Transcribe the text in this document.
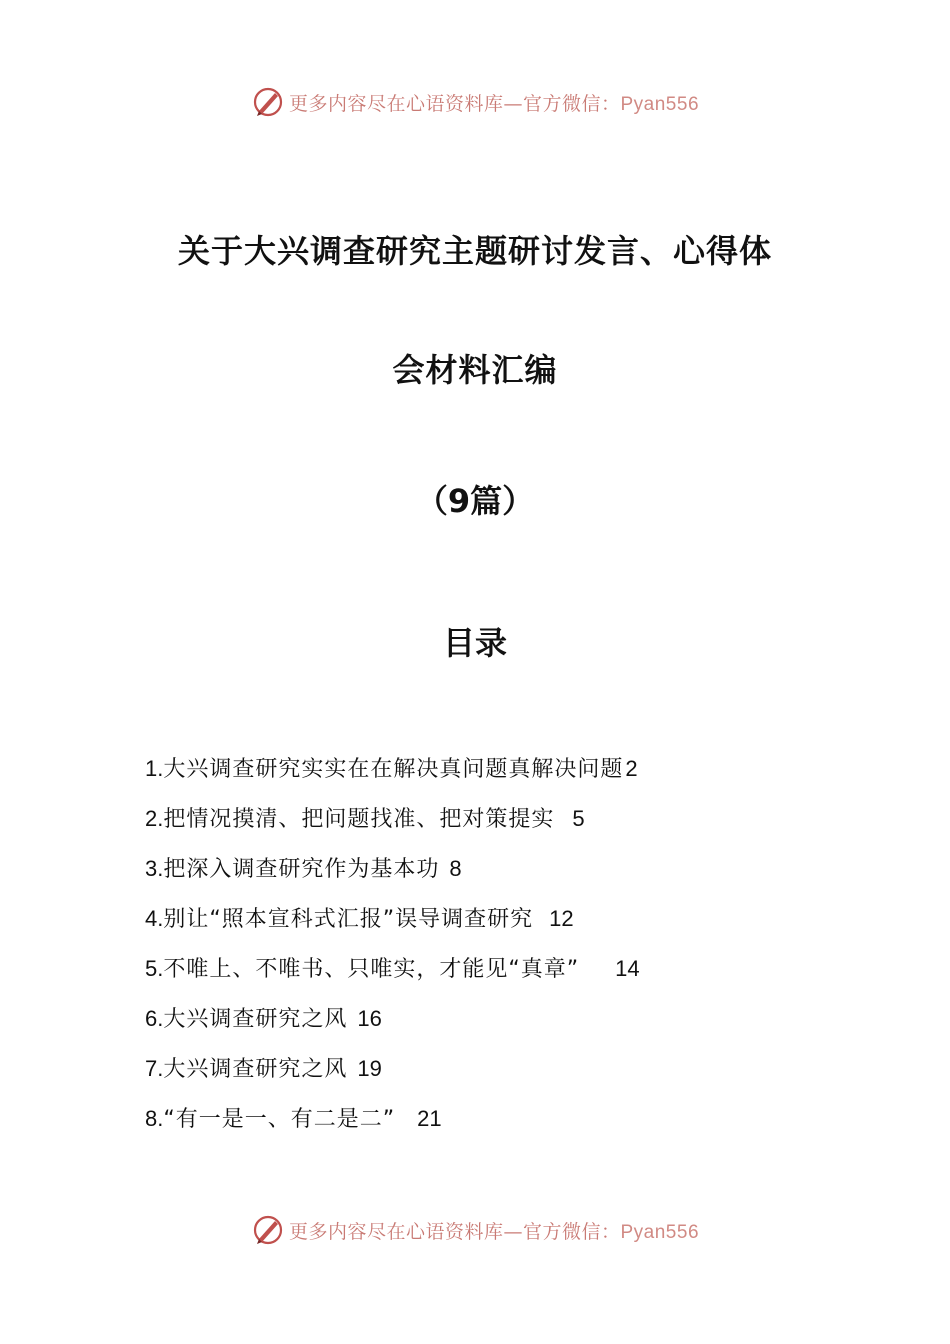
更多内容尽在心语资料库—官方微信：Pyan556
关于大兴调查研究主题研讨发言、心得体
会材料汇编
（9篇）
目录
1.大兴调查研究实实在在解决真问题真解决问题2
2.把情况摸清、把问题找准、把对策提实 5
3.把深入调查研究作为基本功 8
4.别让“照本宣科式汇报”误导调查研究 12
5.不唯上、不唯书、只唯实，才能见“真章” 14
6.大兴调查研究之风 16
7.大兴调查研究之风 19
8.“有一是一、有二是二” 21
更多内容尽在心语资料库—官方微信：Pyan556
